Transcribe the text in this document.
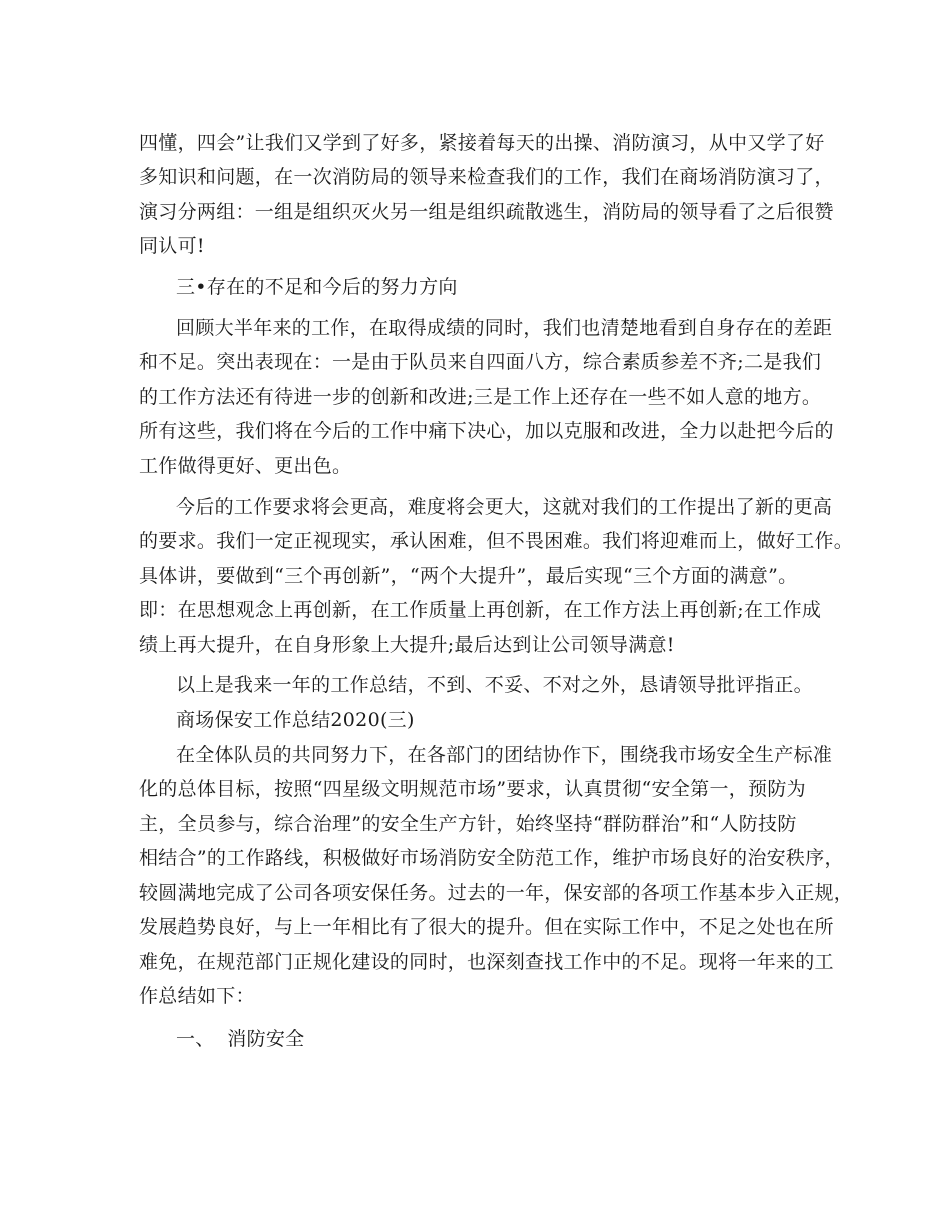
四懂，四会”让我们又学到了好多，紧接着每天的出操、消防演习，从中又学了好
多知识和问题，在一次消防局的领导来检查我们的工作，我们在商场消防演习了，
演习分两组：一组是组织灭火另一组是组织疏散逃生，消防局的领导看了之后很赞
同认可!
三•存在的不足和今后的努力方向
回顾大半年来的工作，在取得成绩的同时，我们也清楚地看到自身存在的差距
和不足。突出表现在：一是由于队员来自四面八方，综合素质参差不齐;二是我们
的工作方法还有待进一步的创新和改进;三是工作上还存在一些不如人意的地方。
所有这些，我们将在今后的工作中痛下决心，加以克服和改进，全力以赴把今后的
工作做得更好、更出色。
今后的工作要求将会更高，难度将会更大，这就对我们的工作提出了新的更高
的要求。我们一定正视现实，承认困难，但不畏困难。我们将迎难而上，做好工作。
具体讲，要做到“三个再创新”，“两个大提升”，最后实现“三个方面的满意”。
即：在思想观念上再创新，在工作质量上再创新，在工作方法上再创新;在工作成
绩上再大提升，在自身形象上大提升;最后达到让公司领导满意!
以上是我来一年的工作总结，不到、不妥、不对之外，恳请领导批评指正。
商场保安工作总结2020(三)
在全体队员的共同努力下，在各部门的团结协作下，围绕我市场安全生产标准
化的总体目标，按照“四星级文明规范市场”要求，认真贯彻“安全第一，预防为
主，全员参与，综合治理”的安全生产方针，始终坚持“群防群治”和“人防技防
相结合”的工作路线，积极做好市场消防安全防范工作，维护市场良好的治安秩序，
较圆满地完成了公司各项安保任务。过去的一年，保安部的各项工作基本步入正规，
发展趋势良好，与上一年相比有了很大的提升。但在实际工作中，不足之处也在所
难免，在规范部门正规化建设的同时，也深刻查找工作中的不足。现将一年来的工
作总结如下：
一、  消防安全
